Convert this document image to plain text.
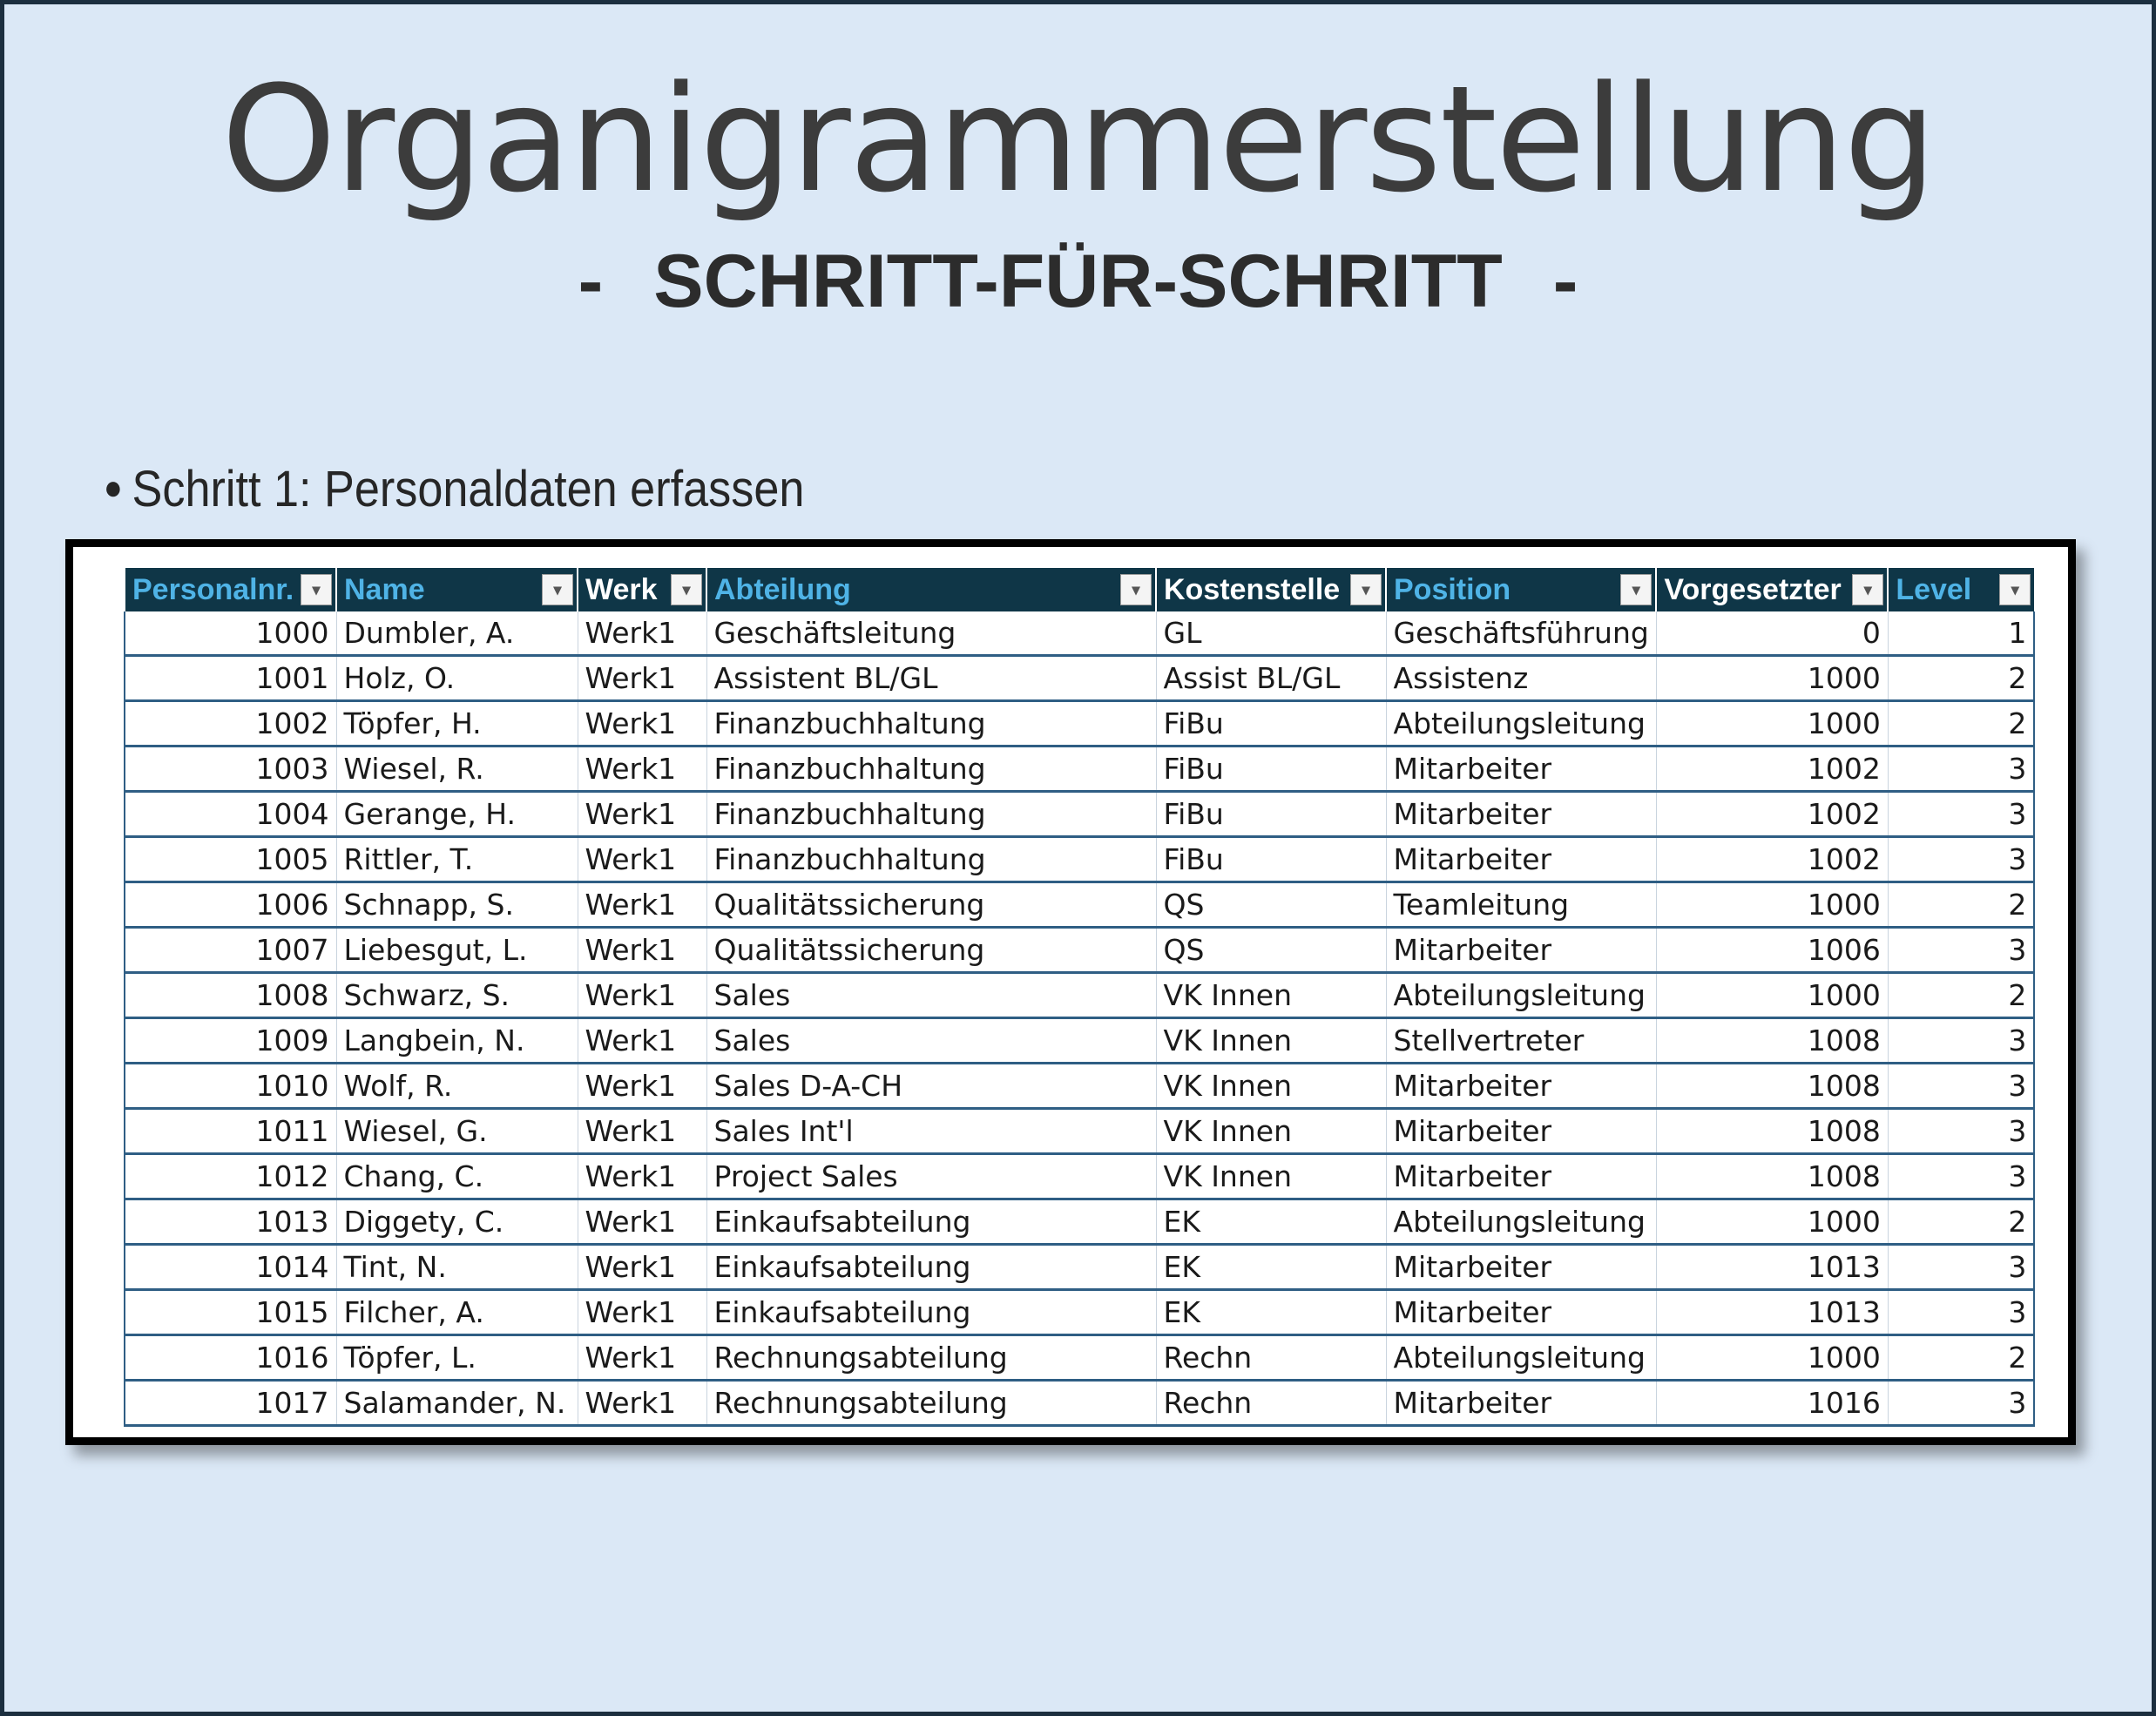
Organigrammerstellung
- SCHRITT-FÜR-SCHRITT -
● Schritt 1: Personaldaten erfassen
Personalnr. ▾	Name ▾	Werk ▾	Abteilung ▾	Kostenstelle ▾	Position ▾	Vorgesetzter ▾	Level ▾

1000	Dumbler, A.	Werk1	Geschäftsleitung	GL	Geschäftsführung	0	1
1001	Holz, O.	Werk1	Assistent BL/GL	Assist BL/GL	Assistenz	1000	2
1002	Töpfer, H.	Werk1	Finanzbuchhaltung	FiBu	Abteilungsleitung	1000	2
1003	Wiesel, R.	Werk1	Finanzbuchhaltung	FiBu	Mitarbeiter	1002	3
1004	Gerange, H.	Werk1	Finanzbuchhaltung	FiBu	Mitarbeiter	1002	3
1005	Rittler, T.	Werk1	Finanzbuchhaltung	FiBu	Mitarbeiter	1002	3
1006	Schnapp, S.	Werk1	Qualitätssicherung	QS	Teamleitung	1000	2
1007	Liebesgut, L.	Werk1	Qualitätssicherung	QS	Mitarbeiter	1006	3
1008	Schwarz, S.	Werk1	Sales	VK Innen	Abteilungsleitung	1000	2
1009	Langbein, N.	Werk1	Sales	VK Innen	Stellvertreter	1008	3
1010	Wolf, R.	Werk1	Sales D-A-CH	VK Innen	Mitarbeiter	1008	3
1011	Wiesel, G.	Werk1	Sales Int'l	VK Innen	Mitarbeiter	1008	3
1012	Chang, C.	Werk1	Project Sales	VK Innen	Mitarbeiter	1008	3
1013	Diggety, C.	Werk1	Einkaufsabteilung	EK	Abteilungsleitung	1000	2
1014	Tint, N.	Werk1	Einkaufsabteilung	EK	Mitarbeiter	1013	3
1015	Filcher, A.	Werk1	Einkaufsabteilung	EK	Mitarbeiter	1013	3
1016	Töpfer, L.	Werk1	Rechnungsabteilung	Rechn	Abteilungsleitung	1000	2
1017	Salamander, N.	Werk1	Rechnungsabteilung	Rechn	Mitarbeiter	1016	3
